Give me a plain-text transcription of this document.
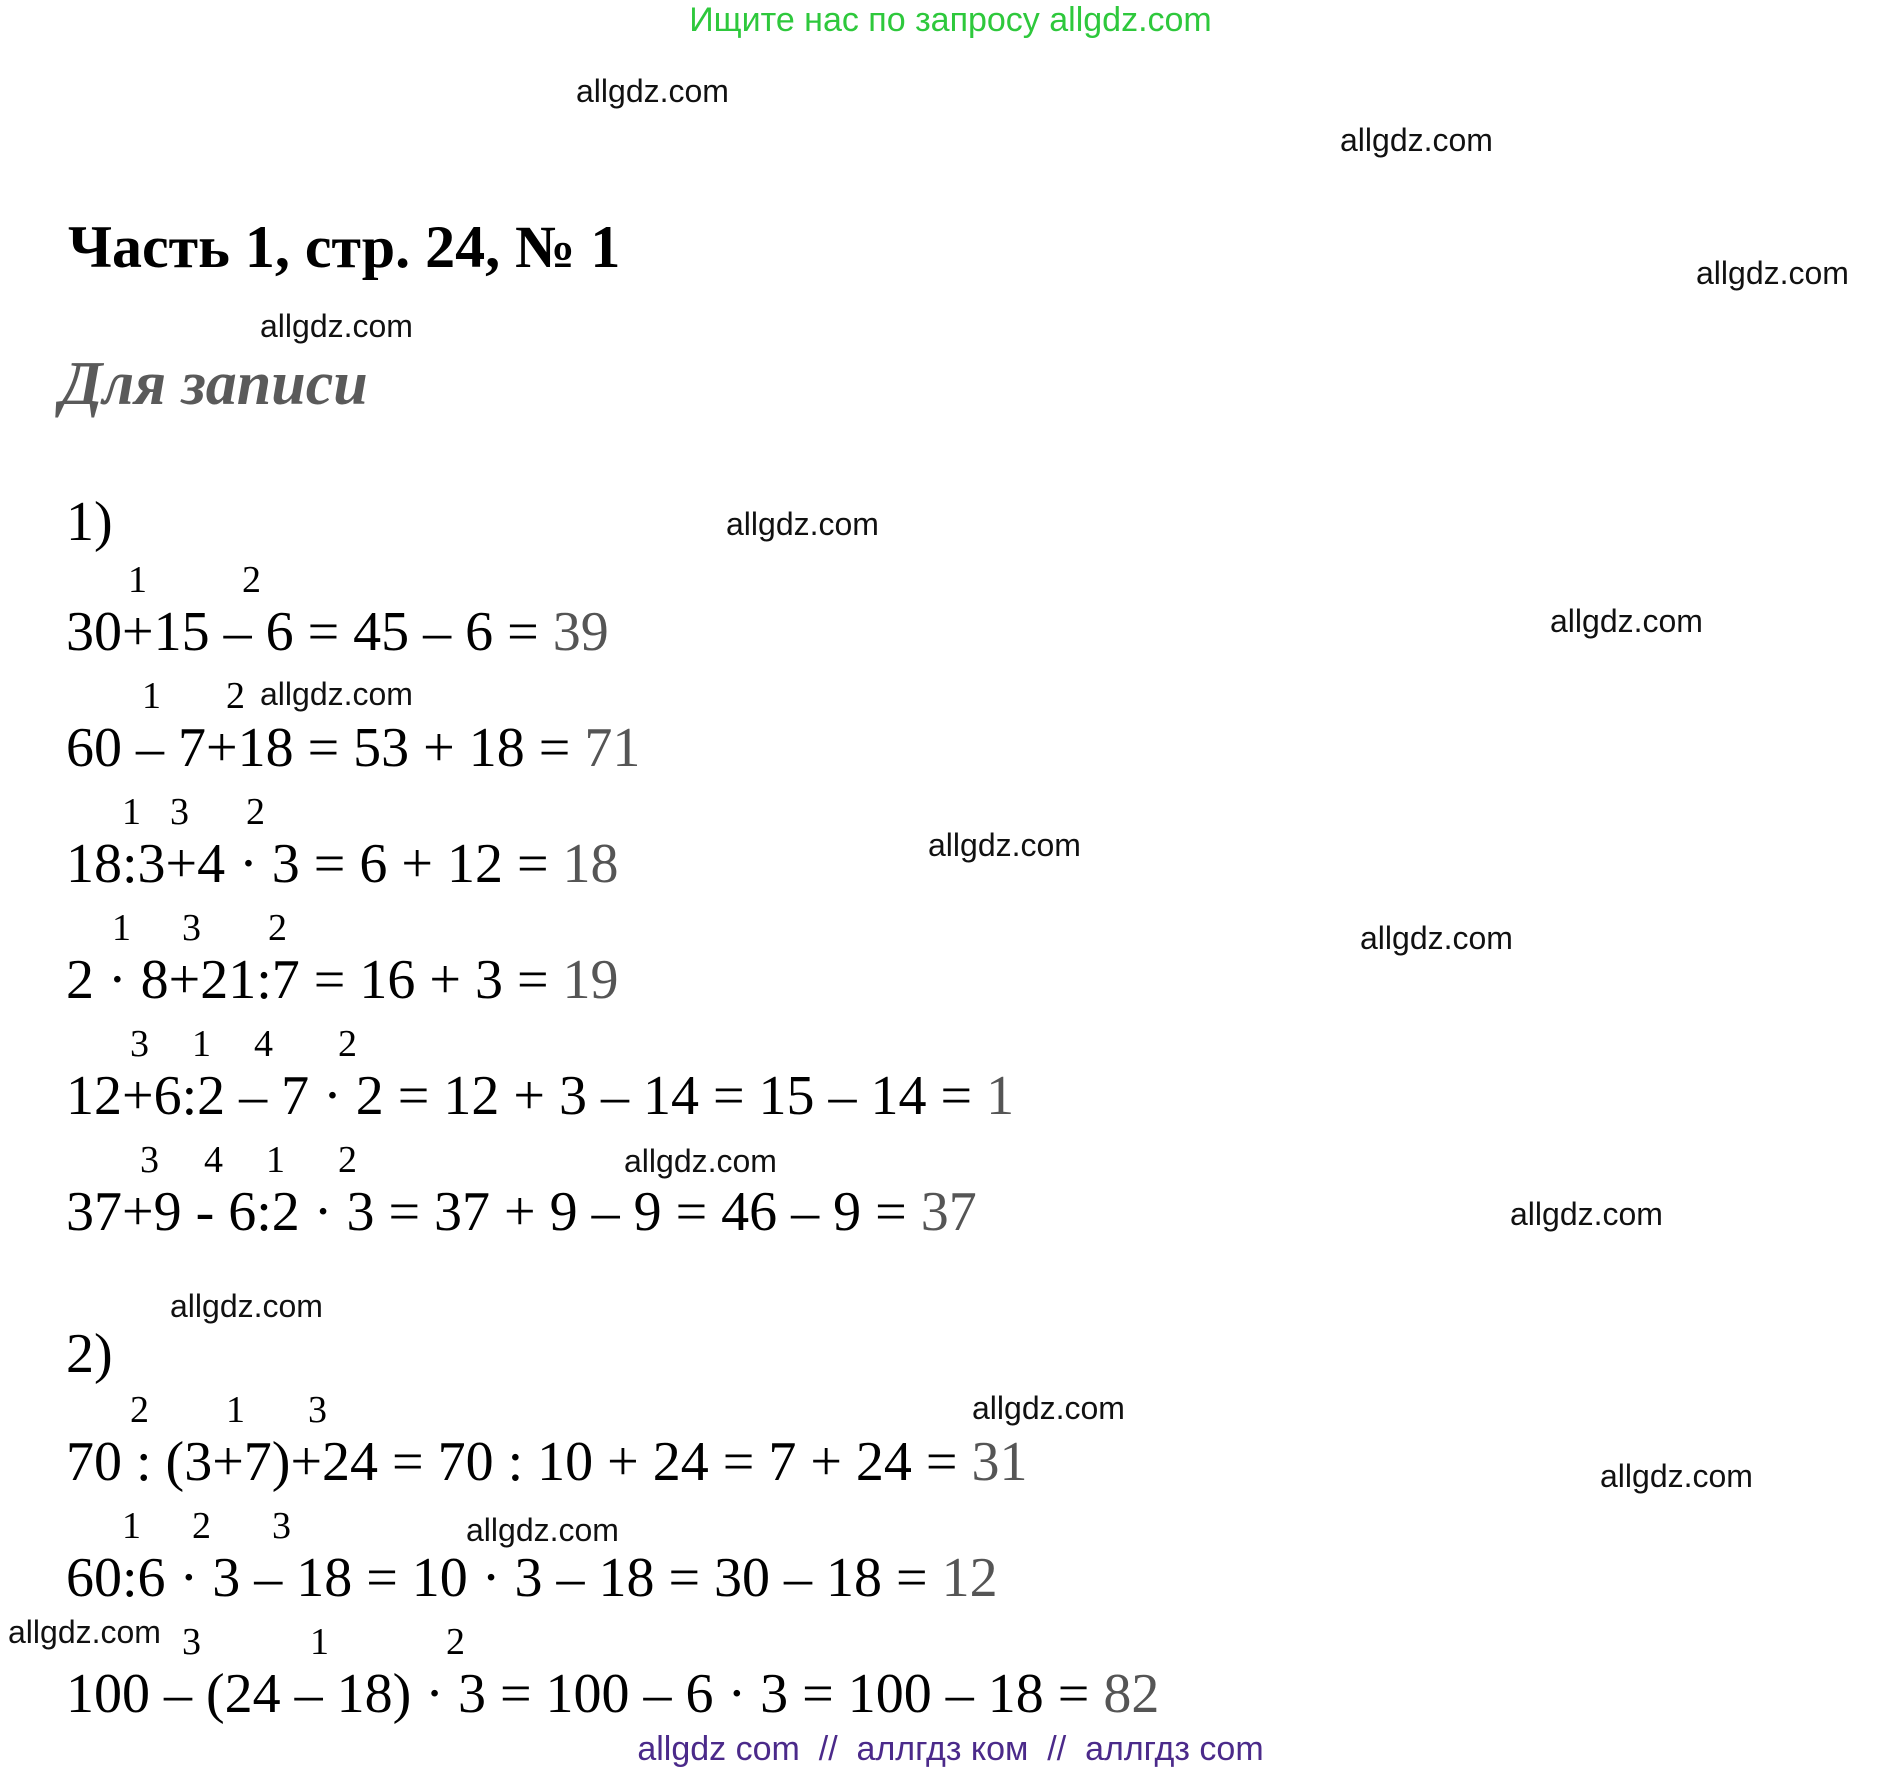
Ищите нас по запросу allgdz.com
allgdz.com
allgdz.com
allgdz.com
allgdz.com
allgdz.com
allgdz.com
allgdz.com
allgdz.com
allgdz.com
allgdz.com
allgdz.com
allgdz.com
allgdz.com
allgdz.com
allgdz.com
allgdz.com
Часть 1, стр. 24, № 1
Для записи
1)
1	2
30+15 – 6 = 45 – 6 = 39
1 2
60 – 7+18 = 53 + 18 = 71
1 3 2
18:3+4 · 3 = 6 + 12 = 18
1 3 2
2 · 8+21:7 = 16 + 3 = 19
3 1 4 2
12+6:2 – 7 · 2 = 12 + 3 – 14 = 15 – 14 = 1
3 4 1 2
37+9 - 6:2 · 3 = 37 + 9 – 9 = 46 – 9 = 37
2)
2 1 3
70 : (3+7)+24 = 70 : 10 + 24 = 7 + 24 = 31
1 2 3
60:6 · 3 – 18 = 10 · 3 – 18 = 30 – 18 = 12
3	1	2
100 – (24 – 18) · 3 = 100 – 6 · 3 = 100 – 18 = 82
allgdz com  //  аллгдз ком  //  аллгдз com
